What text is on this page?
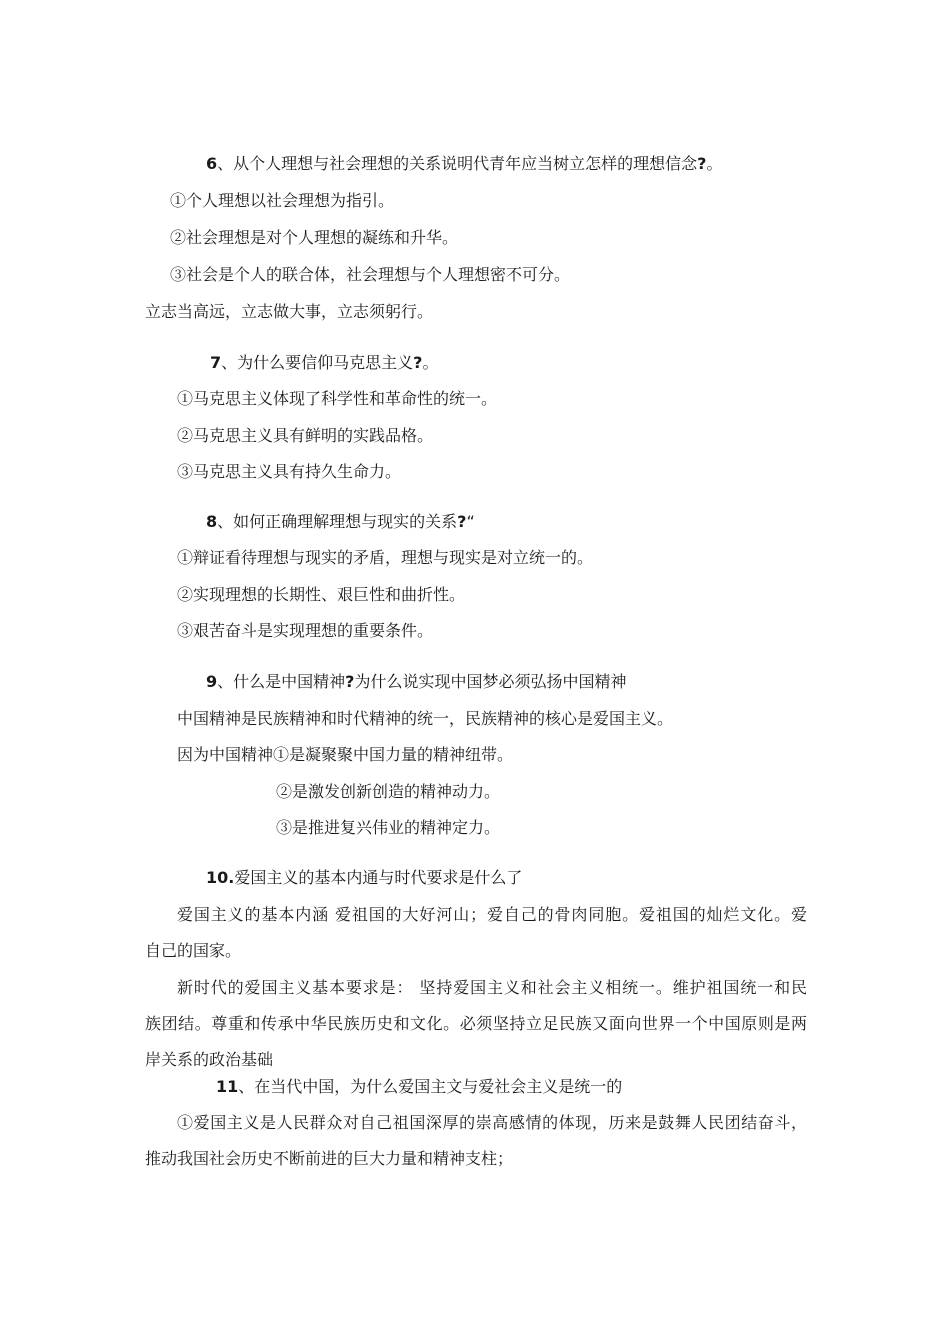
6、从个人理想与社会理想的关系说明代青年应当树立怎样的理想信念?。
①个人理想以社会理想为指引。
②社会理想是对个人理想的凝练和升华。
③社会是个人的联合体，社会理想与个人理想密不可分。
立志当高远，立志做大事，立志须躬行。
7、为什么要信仰马克思主义?。
①马克思主义体现了科学性和革命性的统一。
②马克思主义具有鲜明的实践品格。
③马克思主义具有持久生命力。
8、如何正确理解理想与现实的关系?“
①辩证看待理想与现实的矛盾，理想与现实是对立统一的。
②实现理想的长期性、艰巨性和曲折性。
③艰苦奋斗是实现理想的重要条件。
9、什么是中国精神?为什么说实现中国梦必须弘扬中国精神
中国精神是民族精神和时代精神的统一，民族精神的核心是爱国主义。
因为中国精神①是凝聚聚中国力量的精神纽带。
②是激发创新创造的精神动力。
③是推进复兴伟业的精神定力。
10.爱国主义的基本内通与时代要求是什么了
爱国主义的基本内涵 爱祖国的大好河山；爱自己的骨肉同胞。爱祖国的灿烂文化。爱
自己的国家。
新时代的爱国主义基本要求是： 坚持爱国主义和社会主义相统一。维护祖国统一和民
族团结。尊重和传承中华民族历史和文化。必须坚持立足民族又面向世界一个中国原则是两
岸关系的政治基础
11、在当代中国，为什么爱国主文与爱社会主义是统一的
①爱国主义是人民群众对自己祖国深厚的崇高感情的体现，历来是鼓舞人民团结奋斗，
推动我国社会历史不断前进的巨大力量和精神支柱；
